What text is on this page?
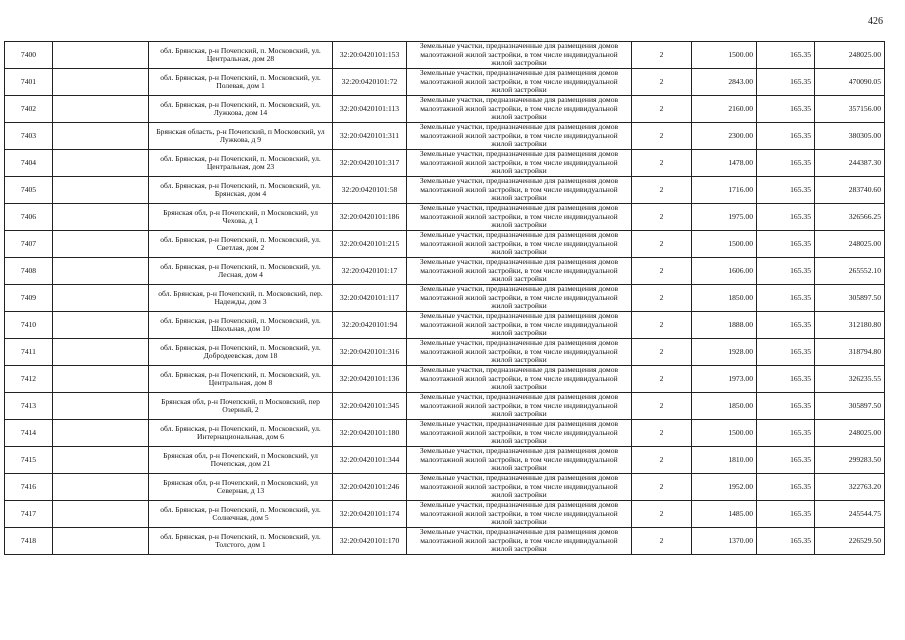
426
7400		обл. Брянская, р-н Почепский, п. Московский, ул. Центральная, дом 28	32:20:0420101:153	Земельные участки, предназначенные для размещения домов малоэтажной жилой застройки, в том числе индивидуальной жилой застройки	2	1500.00	165.35	248025.00
7401		обл. Брянская, р-н Почепский, п. Московский, ул. Полевая, дом 1	32:20:0420101:72	Земельные участки, предназначенные для размещения домов малоэтажной жилой застройки, в том числе индивидуальной жилой застройки	2	2843.00	165.35	470090.05
7402		обл. Брянская, р-н Почепский, п. Московский, ул. Лужкова, дом 14	32:20:0420101:113	Земельные участки, предназначенные для размещения домов малоэтажной жилой застройки, в том числе индивидуальной жилой застройки	2	2160.00	165.35	357156.00
7403		Брянская область, р-н Почепский, п Московский, ул Лужкова, д 9	32:20:0420101:311	Земельные участки, предназначенные для размещения домов малоэтажной жилой застройки, в том числе индивидуальной жилой застройки	2	2300.00	165.35	380305.00
7404		обл. Брянская, р-н Почепский, п. Московский, ул. Центральная, дом 23	32:20:0420101:317	Земельные участки, предназначенные для размещения домов малоэтажной жилой застройки, в том числе индивидуальной жилой застройки	2	1478.00	165.35	244387.30
7405		обл. Брянская, р-н Почепский, п. Московский, ул. Брянская, дом 4	32:20:0420101:58	Земельные участки, предназначенные для размещения домов малоэтажной жилой застройки, в том числе индивидуальной жилой застройки	2	1716.00	165.35	283740.60
7406		Брянская обл, р-н Почепский, п Московский, ул Чехова, д 1	32:20:0420101:186	Земельные участки, предназначенные для размещения домов малоэтажной жилой застройки, в том числе индивидуальной жилой застройки	2	1975.00	165.35	326566.25
7407		обл. Брянская, р-н Почепский, п. Московский, ул. Светлая, дом 2	32:20:0420101:215	Земельные участки, предназначенные для размещения домов малоэтажной жилой застройки, в том числе индивидуальной жилой застройки	2	1500.00	165.35	248025.00
7408		обл. Брянская, р-н Почепский, п. Московский, ул. Лесная, дом 4	32:20:0420101:17	Земельные участки, предназначенные для размещения домов малоэтажной жилой застройки, в том числе индивидуальной жилой застройки	2	1606.00	165.35	265552.10
7409		обл. Брянская, р-н Почепский, п. Московский, пер. Надежды, дом 3	32:20:0420101:117	Земельные участки, предназначенные для размещения домов малоэтажной жилой застройки, в том числе индивидуальной жилой застройки	2	1850.00	165.35	305897.50
7410		обл. Брянская, р-н Почепский, п. Московский, ул. Школьная, дом 10	32:20:0420101:94	Земельные участки, предназначенные для размещения домов малоэтажной жилой застройки, в том числе индивидуальной жилой застройки	2	1888.00	165.35	312180.80
7411		обл. Брянская, р-н Почепский, п. Московский, ул. Добродеевская, дом 18	32:20:0420101:316	Земельные участки, предназначенные для размещения домов малоэтажной жилой застройки, в том числе индивидуальной жилой застройки	2	1928.00	165.35	318794.80
7412		обл. Брянская, р-н Почепский, п. Московский, ул. Центральная, дом 8	32:20:0420101:136	Земельные участки, предназначенные для размещения домов малоэтажной жилой застройки, в том числе индивидуальной жилой застройки	2	1973.00	165.35	326235.55
7413		Брянская обл, р-н Почепский, п Московский, пер Озерный, 2	32:20:0420101:345	Земельные участки, предназначенные для размещения домов малоэтажной жилой застройки, в том числе индивидуальной жилой застройки	2	1850.00	165.35	305897.50
7414		обл. Брянская, р-н Почепский, п. Московский, ул. Интернациональная, дом 6	32:20:0420101:180	Земельные участки, предназначенные для размещения домов малоэтажной жилой застройки, в том числе индивидуальной жилой застройки	2	1500.00	165.35	248025.00
7415		Брянская обл, р-н Почепский, п Московский, ул Почепская, дом 21	32:20:0420101:344	Земельные участки, предназначенные для размещения домов малоэтажной жилой застройки, в том числе индивидуальной жилой застройки	2	1810.00	165.35	299283.50
7416		Брянская обл, р-н Почепский, п Московский, ул Северная, д 13	32:20:0420101:246	Земельные участки, предназначенные для размещения домов малоэтажной жилой застройки, в том числе индивидуальной жилой застройки	2	1952.00	165.35	322763.20
7417		обл. Брянская, р-н Почепский, п. Московский, ул. Солнечная, дом 5	32:20:0420101:174	Земельные участки, предназначенные для размещения домов малоэтажной жилой застройки, в том числе индивидуальной жилой застройки	2	1485.00	165.35	245544.75
7418		обл. Брянская, р-н Почепский, п. Московский, ул. Толстого, дом 1	32:20:0420101:170	Земельные участки, предназначенные для размещения домов малоэтажной жилой застройки, в том числе индивидуальной жилой застройки	2	1370.00	165.35	226529.50
